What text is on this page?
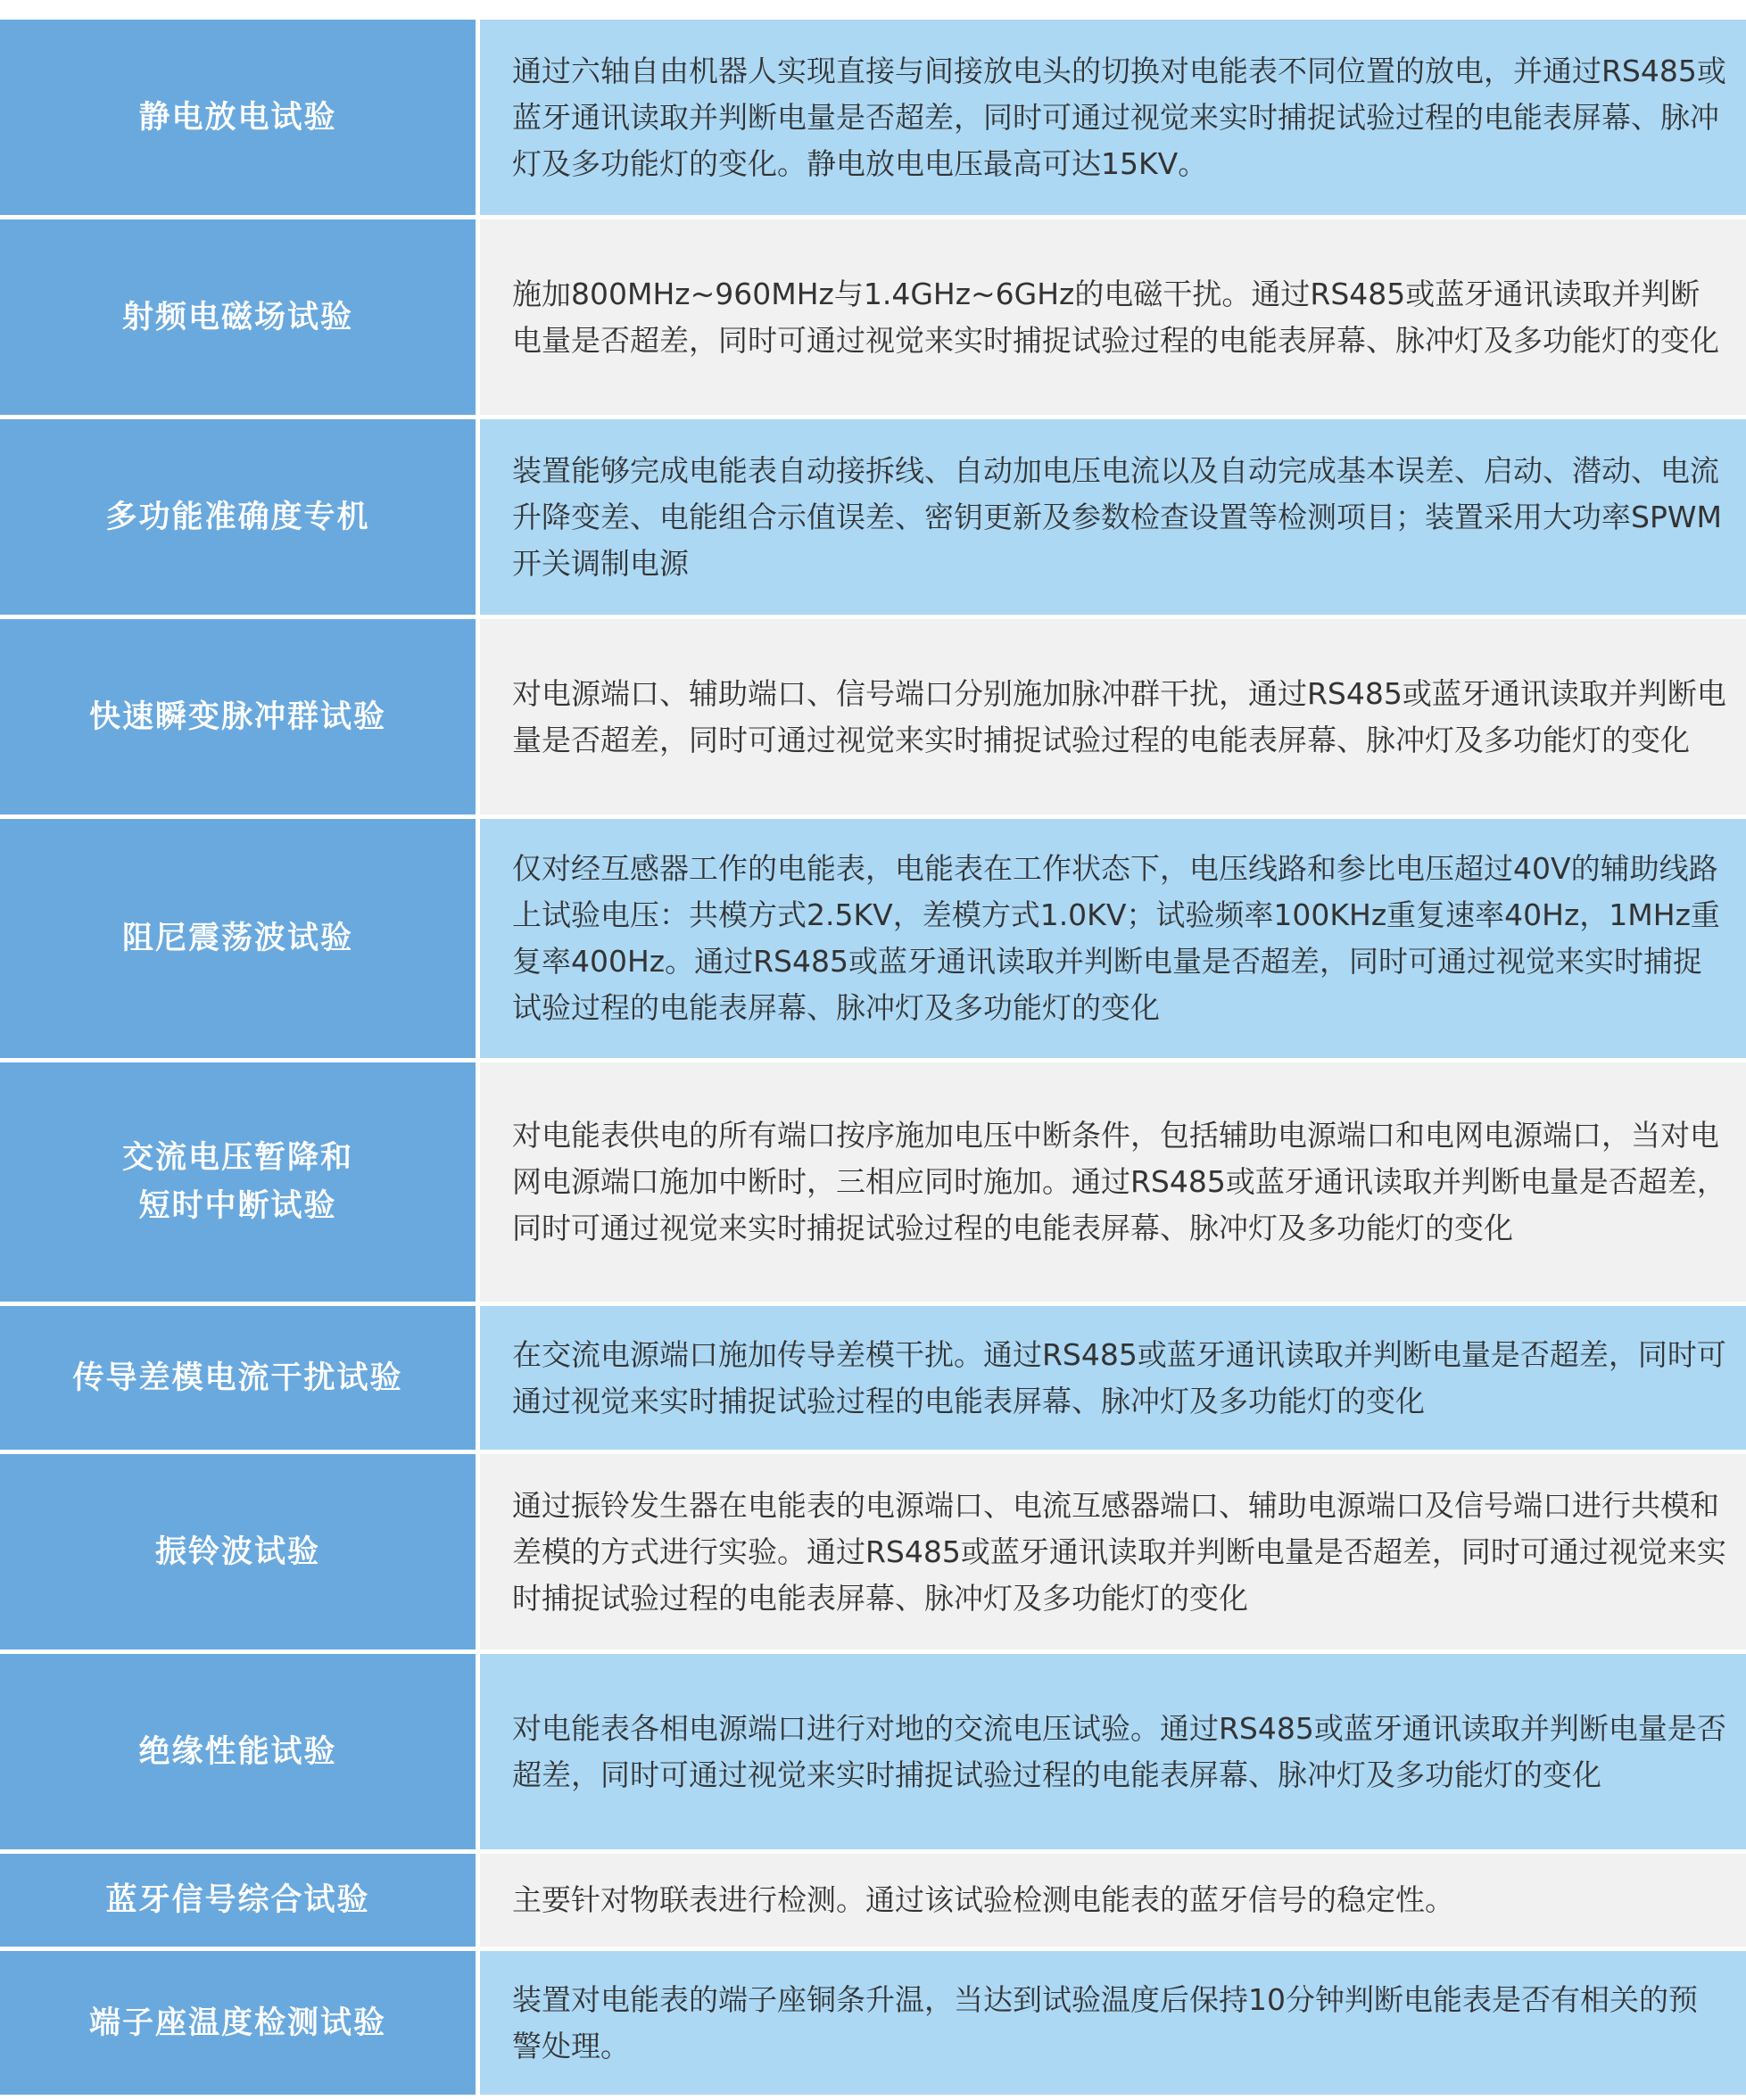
静电放电试验
通过六轴自由机器人实现直接与间接放电头的切换对电能表不同位置的放电，并通过RS485或蓝牙通讯读取并判断电量是否超差，同时可通过视觉来实时捕捉试验过程的电能表屏幕、脉冲灯及多功能灯的变化。静电放电电压最高可达15KV。
射频电磁场试验
施加800MHz~960MHz与1.4GHz~6GHz的电磁干扰。通过RS485或蓝牙通讯读取并判断电量是否超差，同时可通过视觉来实时捕捉试验过程的电能表屏幕、脉冲灯及多功能灯的变化
多功能准确度专机
装置能够完成电能表自动接拆线、自动加电压电流以及自动完成基本误差、启动、潜动、电流升降变差、电能组合示值误差、密钥更新及参数检查设置等检测项目；装置采用大功率SPWM开关调制电源
快速瞬变脉冲群试验
对电源端口、辅助端口、信号端口分别施加脉冲群干扰，通过RS485或蓝牙通讯读取并判断电量是否超差，同时可通过视觉来实时捕捉试验过程的电能表屏幕、脉冲灯及多功能灯的变化
阻尼震荡波试验
仅对经互感器工作的电能表，电能表在工作状态下，电压线路和参比电压超过40V的辅助线路上试验电压：共模方式2.5KV，差模方式1.0KV；试验频率100KHz重复速率40Hz，1MHz重复率400Hz。通过RS485或蓝牙通讯读取并判断电量是否超差，同时可通过视觉来实时捕捉试验过程的电能表屏幕、脉冲灯及多功能灯的变化
交流电压暂降和
短时中断试验
对电能表供电的所有端口按序施加电压中断条件，包括辅助电源端口和电网电源端口，当对电网电源端口施加中断时，三相应同时施加。通过RS485或蓝牙通讯读取并判断电量是否超差，同时可通过视觉来实时捕捉试验过程的电能表屏幕、脉冲灯及多功能灯的变化
传导差模电流干扰试验
在交流电源端口施加传导差模干扰。通过RS485或蓝牙通讯读取并判断电量是否超差，同时可通过视觉来实时捕捉试验过程的电能表屏幕、脉冲灯及多功能灯的变化
振铃波试验
通过振铃发生器在电能表的电源端口、电流互感器端口、辅助电源端口及信号端口进行共模和差模的方式进行实验。通过RS485或蓝牙通讯读取并判断电量是否超差，同时可通过视觉来实时捕捉试验过程的电能表屏幕、脉冲灯及多功能灯的变化
绝缘性能试验
对电能表各相电源端口进行对地的交流电压试验。通过RS485或蓝牙通讯读取并判断电量是否超差，同时可通过视觉来实时捕捉试验过程的电能表屏幕、脉冲灯及多功能灯的变化
蓝牙信号综合试验	主要针对物联表进行检测。通过该试验检测电能表的蓝牙信号的稳定性。
端子座温度检测试验
装置对电能表的端子座铜条升温，当达到试验温度后保持10分钟判断电能表是否有相关的预警处理。
